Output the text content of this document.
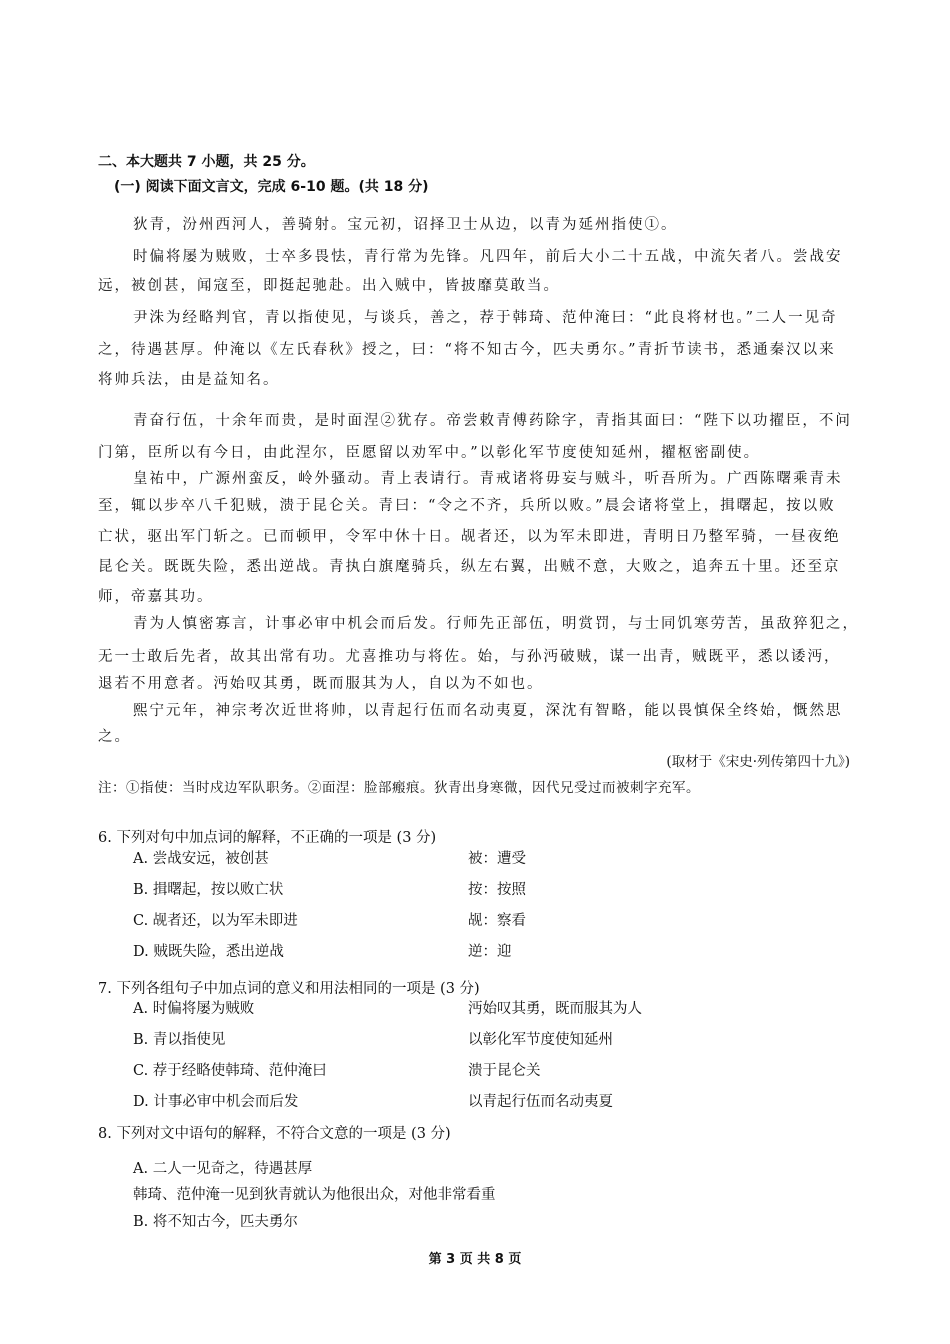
二、本大题共 7 小题，共 25 分。
(一) 阅读下面文言文，完成 6-10 题。(共 18 分)
狄青，汾州西河人，善骑射。宝元初，诏择卫士从边，以青为延州指使①。
时偏将屡为贼败，士卒多畏怯，青行常为先锋。凡四年，前后大小二十五战，中流矢者八。尝战安
远，被创甚，闻寇至，即挺起驰赴。出入贼中，皆披靡莫敢当。
尹洙为经略判官，青以指使见，与谈兵，善之，荐于韩琦、范仲淹曰：“此良将材也。”二人一见奇
之，待遇甚厚。仲淹以《左氏春秋》授之，曰：“将不知古今，匹夫勇尔。”青折节读书，悉通秦汉以来
将帅兵法，由是益知名。
青奋行伍，十余年而贵，是时面涅②犹存。帝尝敕青傅药除字，青指其面曰：“陛下以功擢臣，不问
门第，臣所以有今日，由此涅尔，臣愿留以劝军中。”以彰化军节度使知延州，擢枢密副使。
皇祐中，广源州蛮反，岭外骚动。青上表请行。青戒诸将毋妄与贼斗，听吾所为。广西陈曙乘青未
至，辄以步卒八千犯贼，溃于昆仑关。青曰：“令之不齐，兵所以败。”晨会诸将堂上，揖曙起，按以败
亡状，驱出军门斩之。已而顿甲，令军中休十日。觇者还，以为军未即进，青明日乃整军骑，一昼夜绝
昆仑关。既既失险，悉出逆战。青执白旗麾骑兵，纵左右翼，出贼不意，大败之，追奔五十里。还至京
师，帝嘉其功。
青为人慎密寡言，计事必审中机会而后发。行师先正部伍，明赏罚，与士同饥寒劳苦，虽敌猝犯之，
无一士敢后先者，故其出常有功。尤喜推功与将佐。始，与孙沔破贼，谋一出青，贼既平，悉以诿沔，
退若不用意者。沔始叹其勇，既而服其为人，自以为不如也。
熙宁元年，神宗考次近世将帅，以青起行伍而名动夷夏，深沈有智略，能以畏慎保全终始，慨然思
之。
(取材于《宋史·列传第四十九》)
注：①指使：当时戍边军队职务。②面涅：脸部瘢痕。狄青出身寒微，因代兄受过而被刺字充军。
6. 下列对句中加点词的解释，不正确的一项是 (3 分)
A. 尝战安远，被创甚	被：遭受
B. 揖曙起，按以败亡状	按：按照
C. 觇者还，以为军未即进	觇：察看
D. 贼既失险，悉出逆战	逆：迎
7. 下列各组句子中加点词的意义和用法相同的一项是 (3 分)
A. 时偏将屡为贼败	沔始叹其勇，既而服其为人
B. 青以指使见	以彰化军节度使知延州
C. 荐于经略使韩琦、范仲淹曰	溃于昆仑关
D. 计事必审中机会而后发	以青起行伍而名动夷夏
8. 下列对文中语句的解释，不符合文意的一项是 (3 分)
A. 二人一见奇之，待遇甚厚
韩琦、范仲淹一见到狄青就认为他很出众，对他非常看重
B. 将不知古今，匹夫勇尔
第 3 页 共 8 页
